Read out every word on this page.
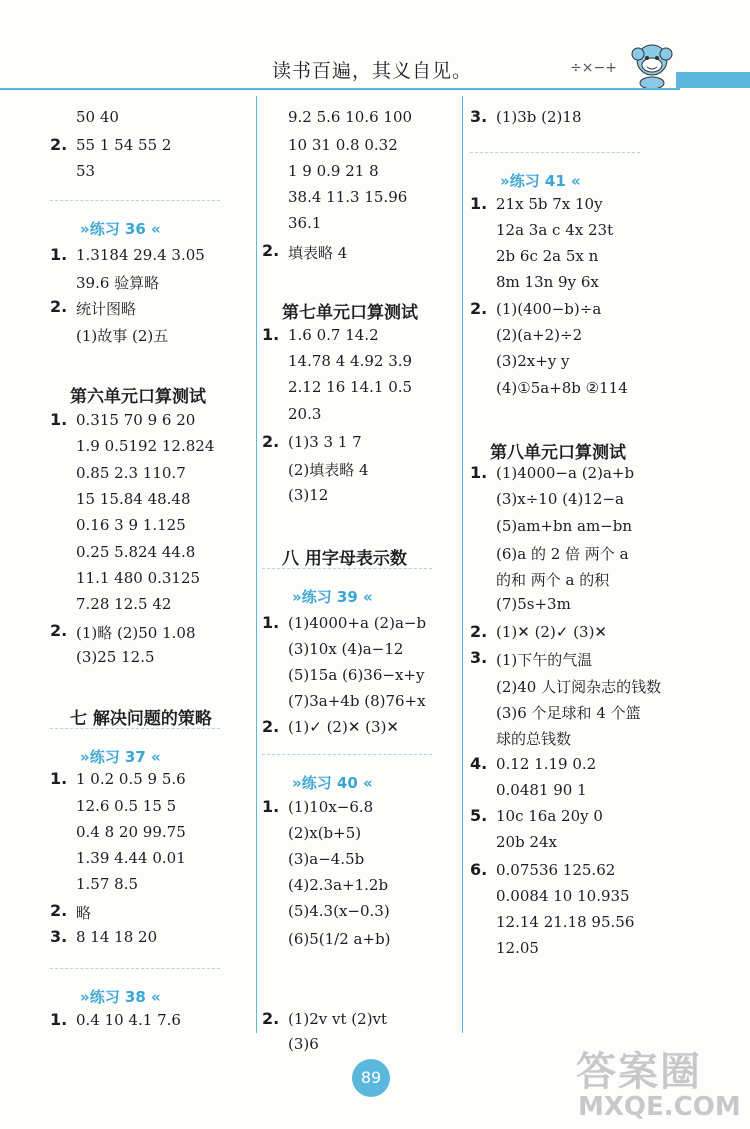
读书百遍，其义自见。	÷×−+
50 40
2. 55 1 54 55 2
53
»练习 36 «
1. 1.3184 29.4 3.05
39.6 验算略
2. 统计图略
(1)故事 (2)五
第六单元口算测试
1. 0.315 70 9 6 20
1.9 0.5192 12.824
0.85 2.3 110.7
15 15.84 48.48
0.16 3 9 1.125
0.25 5.824 44.8
11.1 480 0.3125
7.28 12.5 42
2. (1)略 (2)50 1.08
(3)25 12.5
七 解决问题的策略
»练习 37 «
1. 1 0.2 0.5 9 5.6
12.6 0.5 15 5
0.4 8 20 99.75
1.39 4.44 0.01
1.57 8.5
2. 略
3. 8 14 18 20
»练习 38 «
1. 0.4 10 4.1 7.6
9.2 5.6 10.6 100
10 31 0.8 0.32
1 9 0.9 21 8
38.4 11.3 15.96
36.1
2. 填表略 4
第七单元口算测试
1. 1.6 0.7 14.2
14.78 4 4.92 3.9
2.12 16 14.1 0.5
20.3
2. (1)3 3 1 7
(2)填表略 4
(3)12
八 用字母表示数
»练习 39 «
1. (1)4000+a (2)a−b
(3)10x (4)a−12
(5)15a (6)36−x+y
(7)3a+4b (8)76+x
2. (1)✓ (2)✕ (3)✕
»练习 40 «
1. (1)10x−6.8
(2)x(b+5)
(3)a−4.5b
(4)2.3a+1.2b
(5)4.3(x−0.3)
(6)5(1/2 a+b)
2. (1)2v vt (2)vt
(3)6
3. (1)3b (2)18
»练习 41 «
1. 21x 5b 7x 10y
12a 3a c 4x 23t
2b 6c 2a 5x n
8m 13n 9y 6x
2. (1)(400−b)÷a
(2)(a+2)÷2
(3)2x+y y
(4)①5a+8b ②114
第八单元口算测试
1. (1)4000−a (2)a+b
(3)x÷10 (4)12−a
(5)am+bn am−bn
(6)a 的 2 倍 两个 a
的和 两个 a 的积
(7)5s+3m
2. (1)✕ (2)✓ (3)✕
3. (1)下午的气温
(2)40 人订阅杂志的钱数
(3)6 个足球和 4 个篮
球的总钱数
4. 0.12 1.19 0.2
0.0481 90 1
5. 10c 16a 20y 0
20b 24x
6. 0.07536 125.62
0.0084 10 10.935
12.14 21.18 95.56
12.05
89	答案圈
MXQE.COM
